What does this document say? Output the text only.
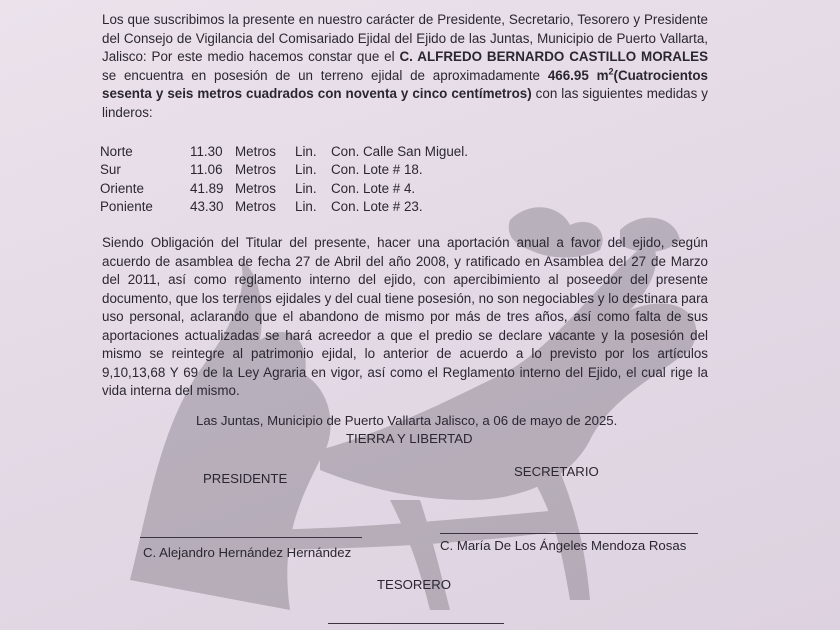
Los que suscribimos la presente en nuestro carácter de Presidente, Secretario, Tesorero y Presidente del Consejo de Vigilancia del Comisariado Ejidal del Ejido de las Juntas, Municipio de Puerto Vallarta, Jalisco: Por este medio hacemos constar que el C. ALFREDO BERNARDO CASTILLO MORALES se encuentra en posesión de un terreno ejidal de aproximadamente 466.95 $m^2(Cuatrocientos$ sesenta y seis metros cuadrados con noventa y cinco centímetros) con las siguientes medidas y linderos:

Norte	11.30	Metros	Lin.	Con. Calle San Miguel.
Sur	11.06	Metros	Lin.	Con. Lote # 18.
Oriente	41.89	Metros	Lin.	Con. Lote # 4.
Poniente	43.30	Metros	Lin.	Con. Lote # 23.

Siendo Obligación del Titular del presente, hacer una aportación anual a favor del ejido, según acuerdo de asamblea de fecha 27 de Abril del año 2008, y ratificado en Asamblea del 27 de Marzo del 2011, así como reglamento interno del ejido, con apercibimiento al poseedor del presente documento, que los terrenos ejidales y del cual tiene posesión, no son negociables y lo destinara para uso personal, aclarando que el abandono de mismo por más de tres años, así como falta de sus aportaciones actualizadas se hará acreedor a que el predio se declare vacante y la posesión del mismo se reintegre al patrimonio ejidal, lo anterior de acuerdo a lo previsto por los artículos 9,10,13,68 Y 69 de la Ley Agraria en vigor, así como el Reglamento interno del Ejido, el cual rige la vida interna del mismo.

Las Juntas, Municipio de Puerto Vallarta Jalisco, a 06 de mayo de 2025.
TIERRA Y LIBERTAD
PRESIDENTE	SECRETARIO
C. Alejandro Hernández Hernández	C. María De Los Ángeles Mendoza Rosas
TESORERO
